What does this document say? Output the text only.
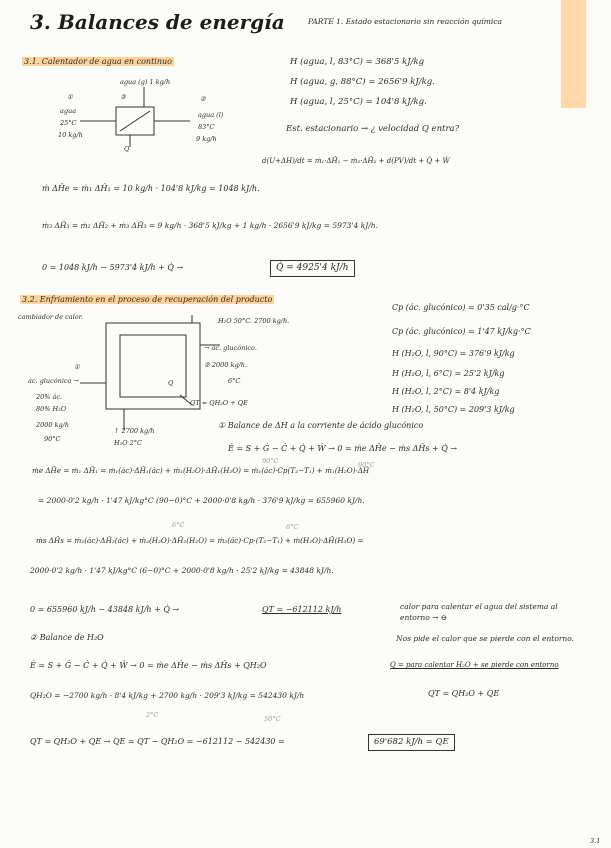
3. Balances de energía	PARTE 1. Estado estacionario sin reacción química
3.1. Calentador de agua en continuo	H (agua, l, 83°C) = 368'5 kJ/kg
H (agua, g, 88°C) = 2656'9 kJ/kg.
H (agua, l, 25°C) = 104'8 kJ/kg.
Est. estacionario → ¿ velocidad Q entra?
agua (g) 1 kg/h
③
①	②
agua
25°C
10 kg/h
agua (l)
83°C
9 kg/h
Q
d(U+ΔH)/dt = ṁ₁·ΔĤ₁ − ṁ₂·ΔĤ₂ + d(PV)/dt + Q̇ + Ẇ
ṁ ΔĤe = ṁ₁ ΔĤ₁ = 10 kg/h · 104'8 kJ/kg = 1048 kJ/h.
ṁ₃ ΔĤ₃ = ṁ₂ ΔĤ₂ + ṁ₃ ΔĤ₃ = 9 kg/h · 368'5 kJ/kg + 1 kg/h · 2656'9 kJ/kg = 5973'4 kJ/h.
0 = 1048 kJ/h − 5973'4 kJ/h + Q̇ →	Q̇ = 4925'4 kJ/h
3.2. Enfriamiento en el proceso de recuperación del producto
Cp (ác. glucónico) = 0'35 cal/g·°C
Cp (ác. glucónico) = 1'47 kJ/kg·°C
H (H₂O, l, 90°C) = 376'9 kJ/kg
H (H₂O, l, 6°C) = 25'2 kJ/kg
H (H₂O, l, 2°C) = 8'4 kJ/kg
H (H₂O, l, 50°C) = 209'3 kJ/kg
cambiador de calor.	H₂O 50°C. 2700 kg/h.
→ ác. glucónico.
② 2000 kg/h.
6°C
①
ác. glucónico →
20% ác.
80% H₂O
2000 kg/h
90°C
↑ 2700 kg/h
H₂O 2°C
Q
QT = QH₂O + QE
① Balance de ΔH a la corriente de ácido glucónico
Ė = S + Ġ − Ċ + Q̇ + Ẇ → 0 = ṁe ΔĤe − ṁs ΔĤs + Q̇ →
90°C	90°C
ṁe ΔĤe = ṁ₁ ΔĤ₁ = ṁ₁(ác)·ΔĤ₁(ác) + ṁ₁(H₂O)·ΔĤ₁(H₂O) = ṁ₁(ác)·Cp(T₂−T₁) + ṁ₁(H₂O)·ΔĤ
= 2000·0'2 kg/h · 1'47 kJ/kg°C (90−0)°C + 2000·0'8 kg/h · 376'9 kJ/kg = 655960 kJ/h.
6°C	6°C
ṁs ΔĤs = ṁ₂(ác)·ΔĤ₂(ác) + ṁ₂(H₂O)·ΔĤ₂(H₂O) = ṁ₂(ác)·Cp·(T₂−T₁) + ṁ(H₂O)·ΔĤ(H₂O) =
2000·0'2 kg/h · 1'47 kJ/kg°C (6−0)°C + 2000·0'8 kg/h · 25'2 kJ/kg = 43848 kJ/h.
0 = 655960 kJ/h − 43848 kJ/h + Q̇ →	QT = −612112 kJ/h	calor para calentar el agua del sistema al entorno → ⊖
Nos pide el calor que se pierde con el entorno.
② Balance de H₂O
Ė = S + Ġ − Ċ + Q̇ + Ẇ → 0 = ṁe ΔĤe − ṁs ΔĤs + QH₂O	Q = para calentar H₂O + se pierde con entorno
QH₂O = −2700 kg/h · 8'4 kJ/kg + 2700 kg/h · 209'3 kJ/kg = 542430 kJ/h	QT = QH₂O + QE
2°C	50°C
QT = QH₂O + QE → QE = QT − QH₂O = −612112 − 542430 =	69'682 kJ/h = QE
3.1
